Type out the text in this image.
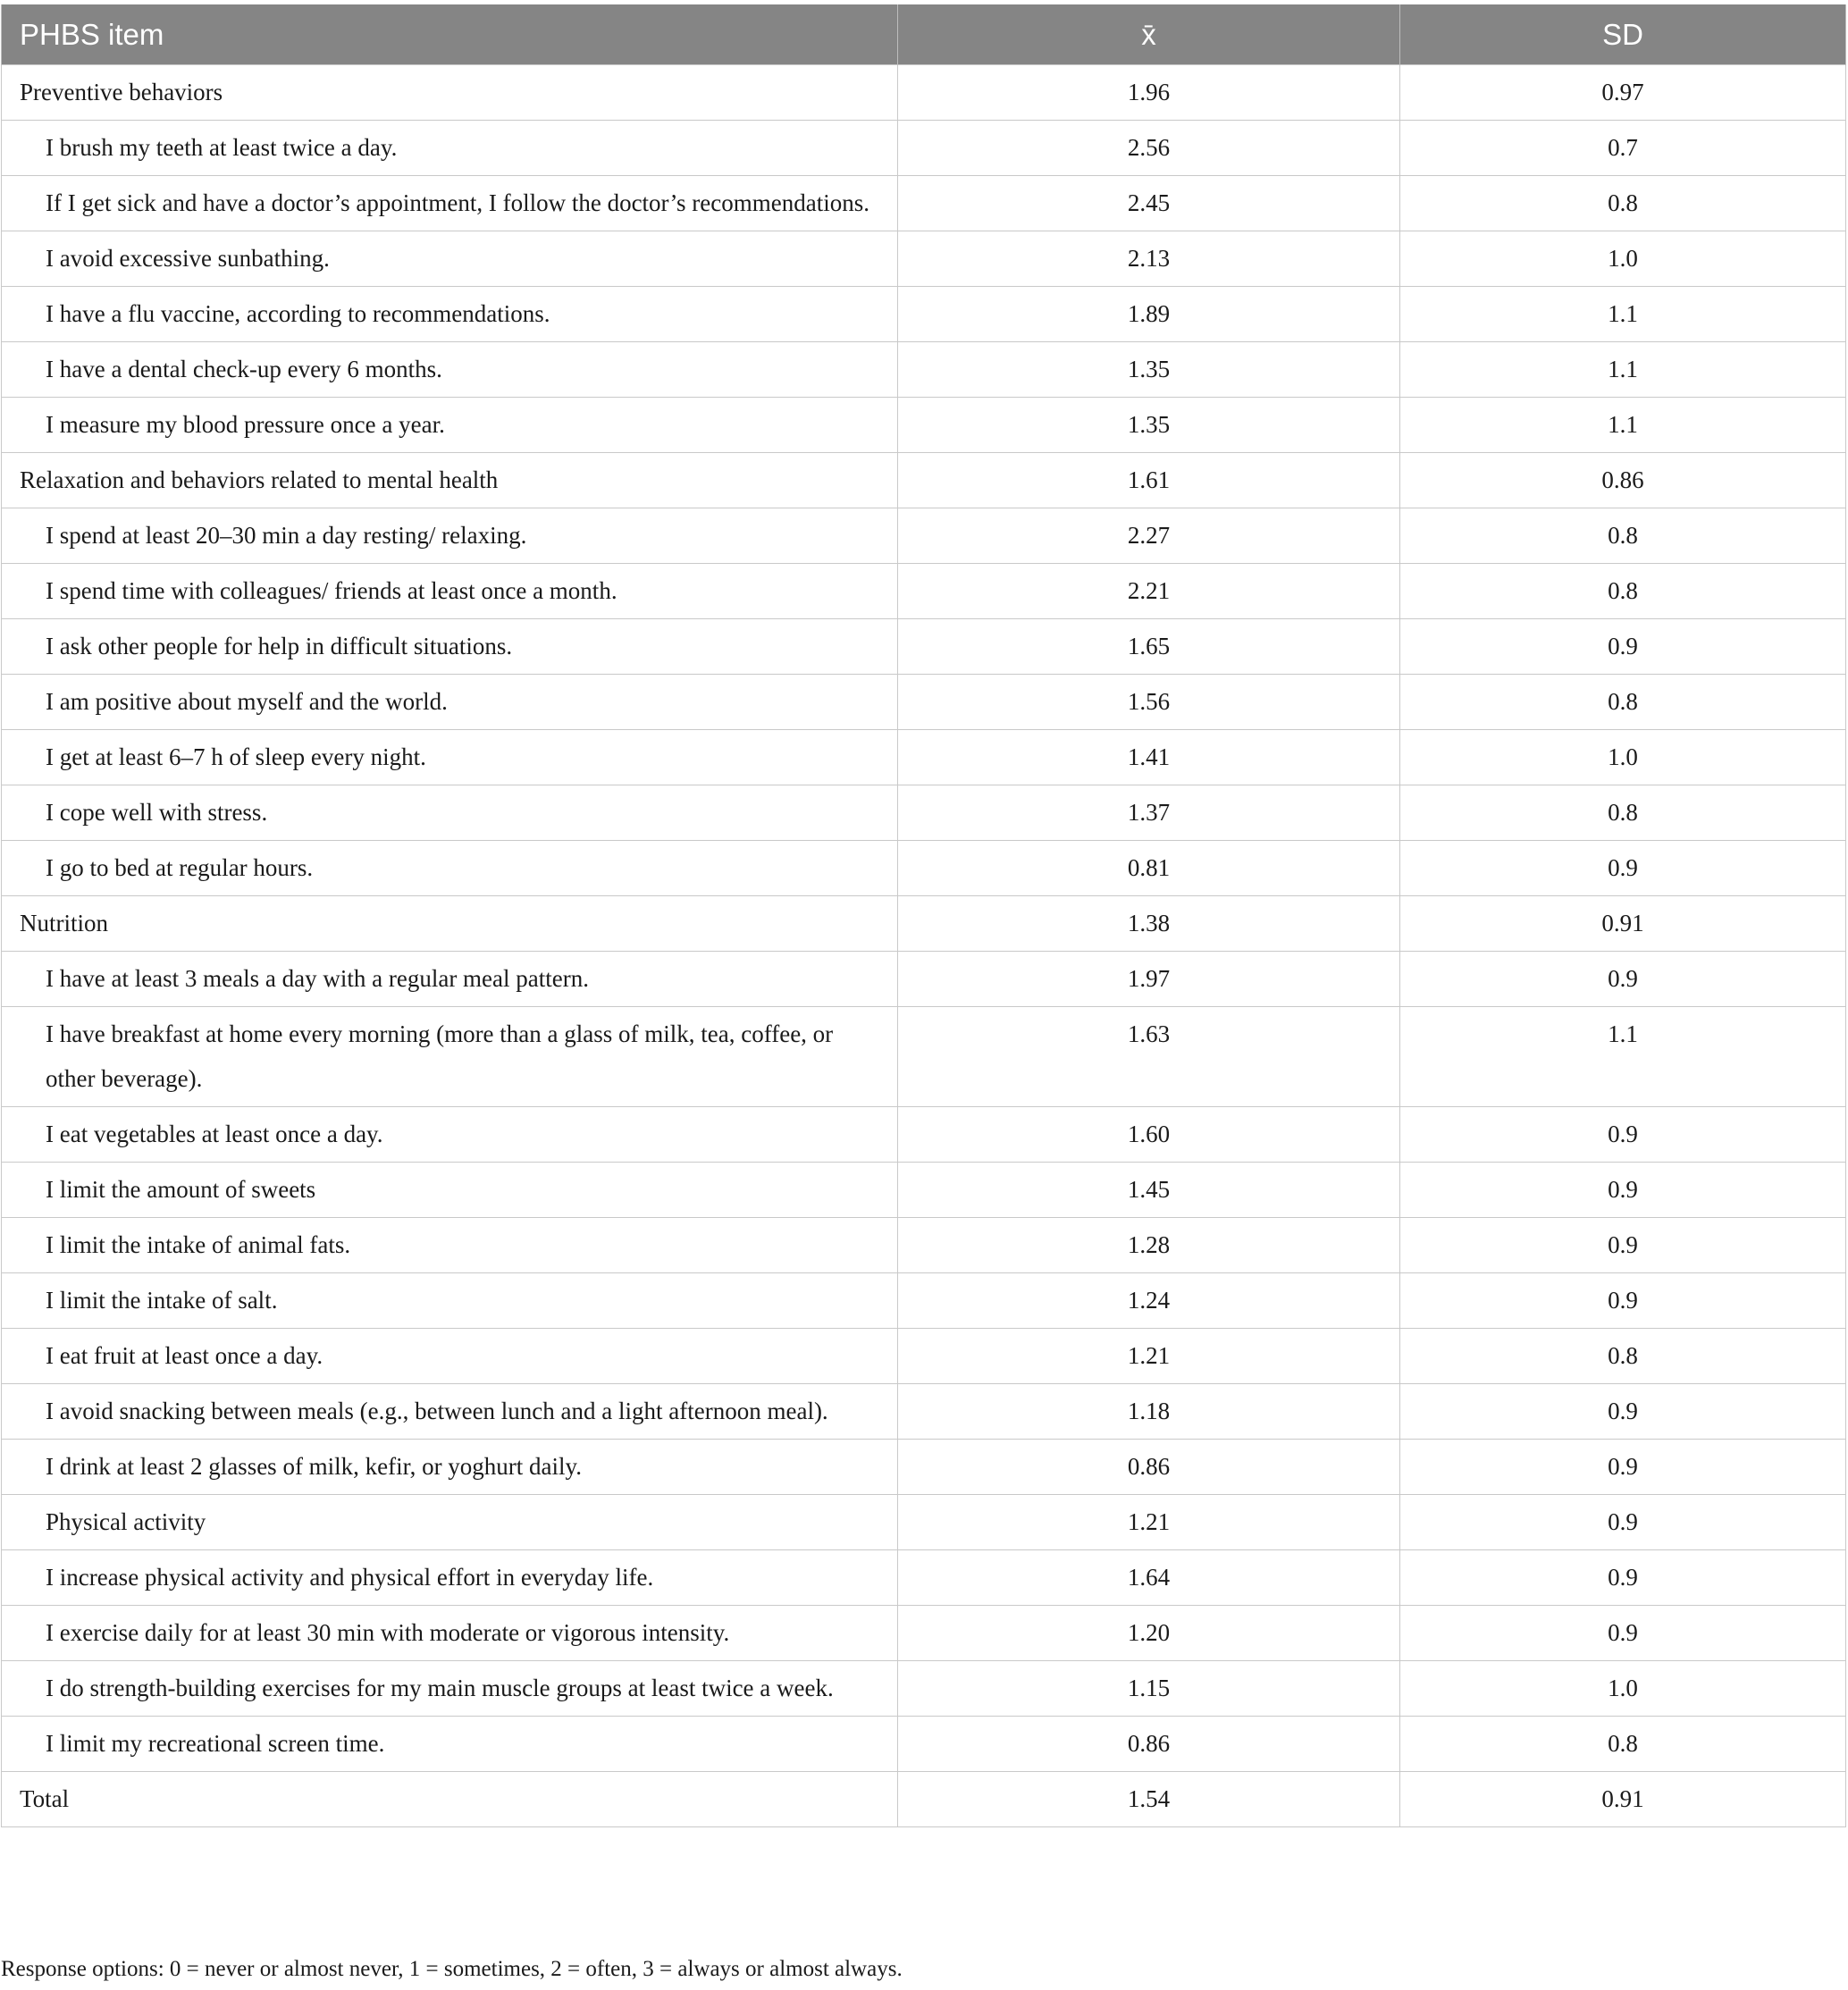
PHBS item	x̄	SD
Preventive behaviors	1.96	0.97
I brush my teeth at least twice a day.	2.56	0.7
If I get sick and have a doctor’s appointment, I follow the doctor’s recommendations.	2.45	0.8
I avoid excessive sunbathing.	2.13	1.0
I have a flu vaccine, according to recommendations.	1.89	1.1
I have a dental check-up every 6 months.	1.35	1.1
I measure my blood pressure once a year.	1.35	1.1
Relaxation and behaviors related to mental health	1.61	0.86
I spend at least 20–30 min a day resting/ relaxing.	2.27	0.8
I spend time with colleagues/ friends at least once a month.	2.21	0.8
I ask other people for help in difficult situations.	1.65	0.9
I am positive about myself and the world.	1.56	0.8
I get at least 6–7 h of sleep every night.	1.41	1.0
I cope well with stress.	1.37	0.8
I go to bed at regular hours.	0.81	0.9
Nutrition	1.38	0.91
I have at least 3 meals a day with a regular meal pattern.	1.97	0.9
I have breakfast at home every morning (more than a glass of milk, tea, coffee, or other beverage).	1.63	1.1
I eat vegetables at least once a day.	1.60	0.9
I limit the amount of sweets	1.45	0.9
I limit the intake of animal fats.	1.28	0.9
I limit the intake of salt.	1.24	0.9
I eat fruit at least once a day.	1.21	0.8
I avoid snacking between meals (e.g., between lunch and a light afternoon meal).	1.18	0.9
I drink at least 2 glasses of milk, kefir, or yoghurt daily.	0.86	0.9
Physical activity	1.21	0.9
I increase physical activity and physical effort in everyday life.	1.64	0.9
I exercise daily for at least 30 min with moderate or vigorous intensity.	1.20	0.9
I do strength-building exercises for my main muscle groups at least twice a week.	1.15	1.0
I limit my recreational screen time.	0.86	0.8
Total	1.54	0.91
Response options: 0 = never or almost never, 1 = sometimes, 2 = often, 3 = always or almost always.
